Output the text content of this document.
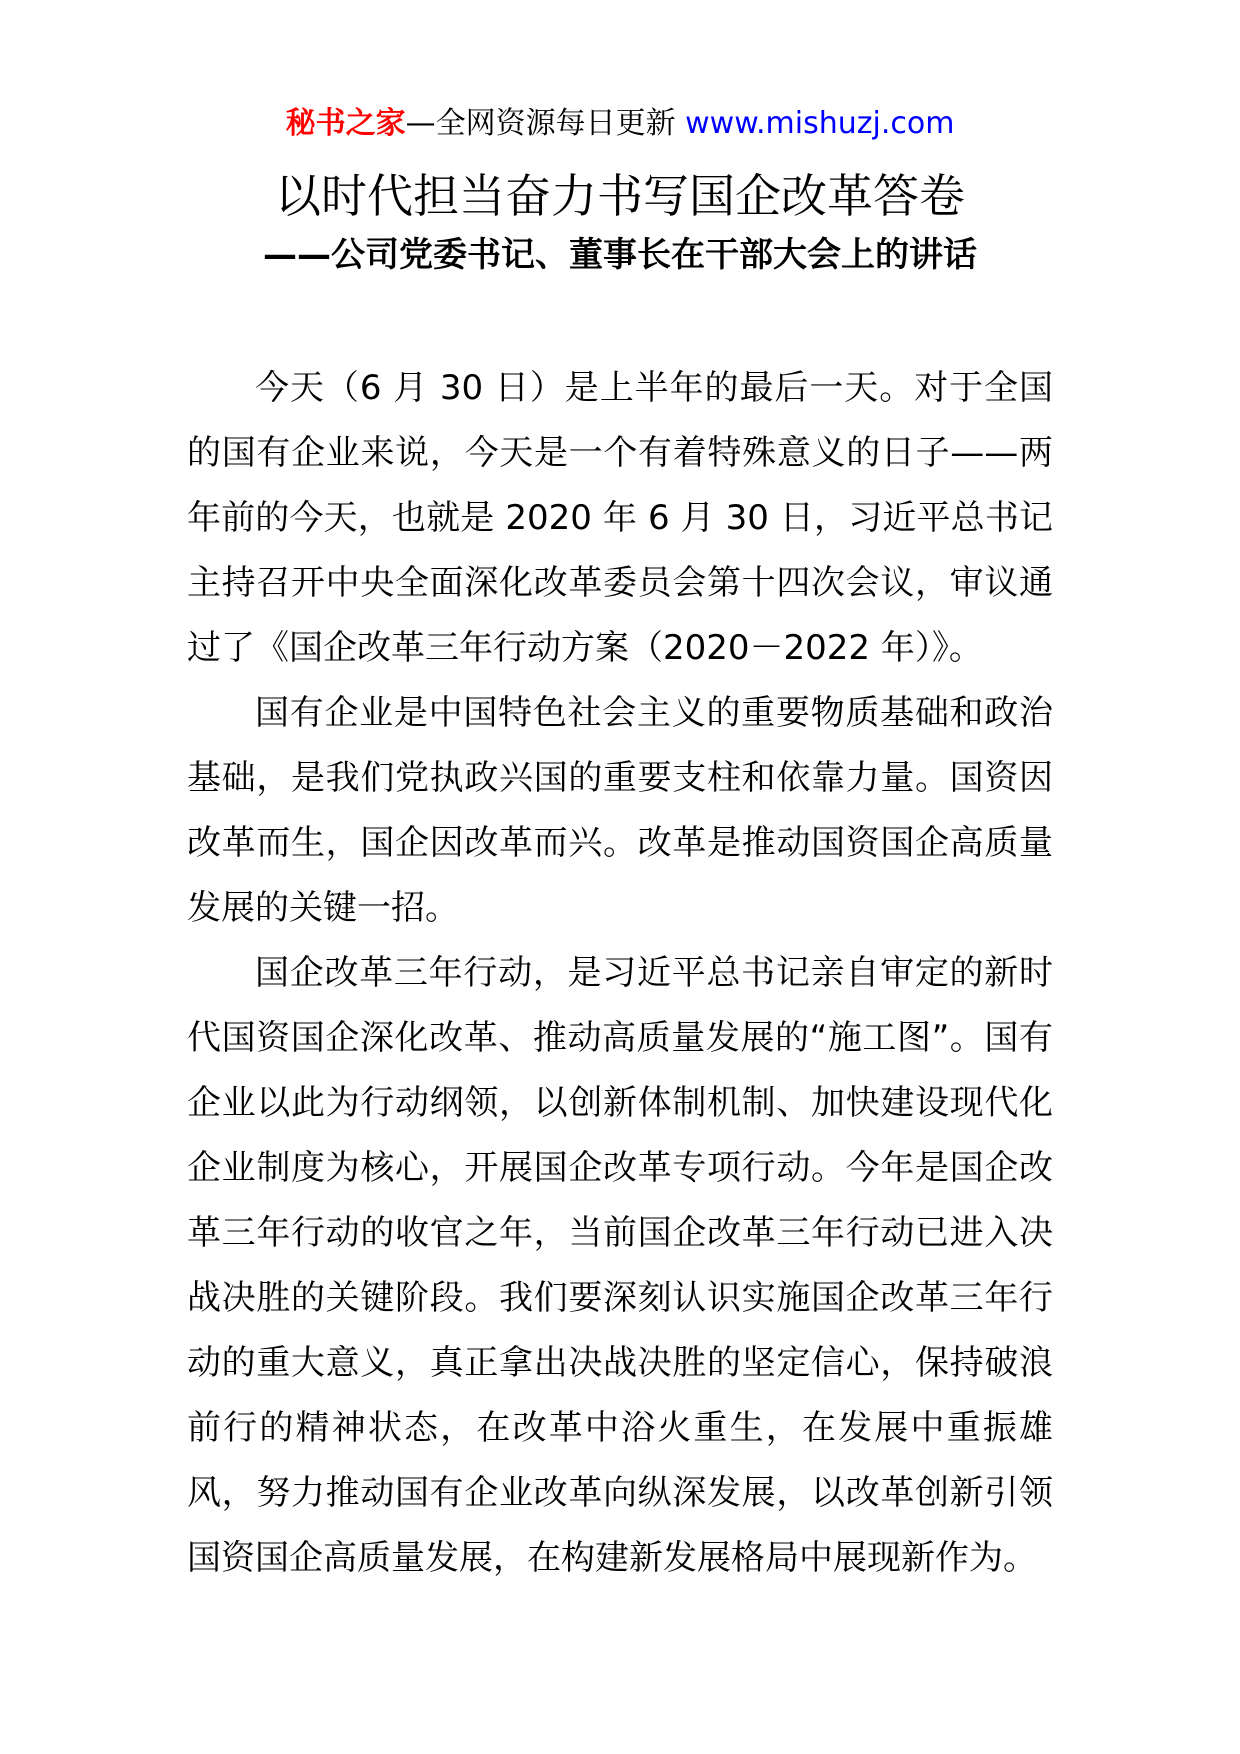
秘书之家—全网资源每日更新 www.mishuzj.com
以时代担当奋力书写国企改革答卷
——公司党委书记、董事长在干部大会上的讲话

今天（6 月 30 日）是上半年的最后一天。对于全国的国有企业来说，今天是一个有着特殊意义的日子——两年前的今天，也就是 2020 年 6 月 30 日，习近平总书记主持召开中央全面深化改革委员会第十四次会议，审议通过了《国企改革三年行动方案（2020－2022 年）》。

国有企业是中国特色社会主义的重要物质基础和政治基础，是我们党执政兴国的重要支柱和依靠力量。国资因改革而生，国企因改革而兴。改革是推动国资国企高质量发展的关键一招。

国企改革三年行动，是习近平总书记亲自审定的新时代国资国企深化改革、推动高质量发展的“施工图”。国有企业以此为行动纲领，以创新体制机制、加快建设现代化企业制度为核心，开展国企改革专项行动。今年是国企改革三年行动的收官之年，当前国企改革三年行动已进入决战决胜的关键阶段。我们要深刻认识实施国企改革三年行动的重大意义，真正拿出决战决胜的坚定信心，保持破浪前行的精神状态，在改革中浴火重生，在发展中重振雄风，努力推动国有企业改革向纵深发展，以改革创新引领国资国企高质量发展，在构建新发展格局中展现新作为。
